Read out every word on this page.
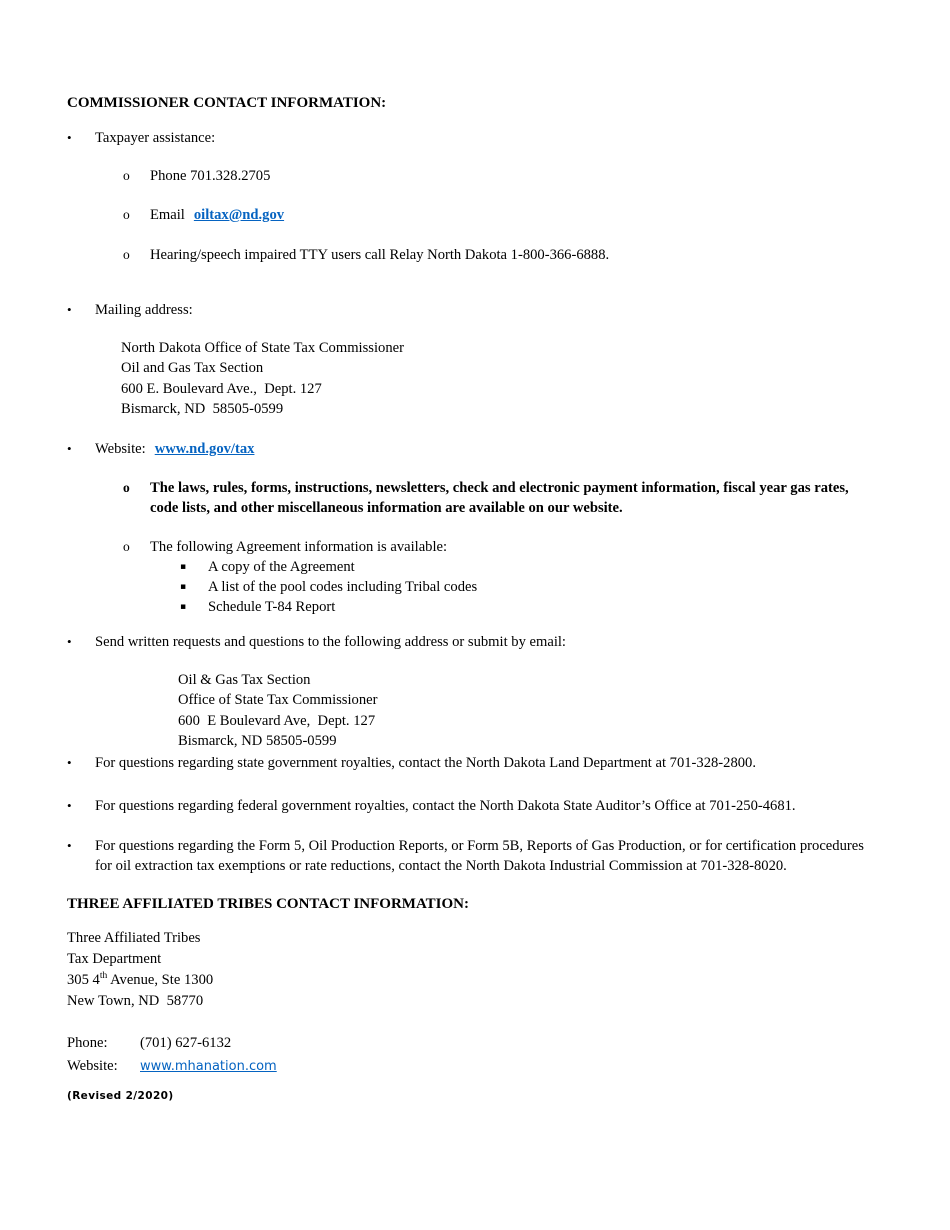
COMMISSIONER CONTACT INFORMATION:
•	Taxpayer assistance:
o	Phone 701.328.2705
o	Email oiltax@nd.gov
o	Hearing/speech impaired TTY users call Relay North Dakota 1-800-366-6888.
•	Mailing address:
North Dakota Office of State Tax Commissioner
Oil and Gas Tax Section
600 E. Boulevard Ave.,  Dept. 127
Bismarck, ND  58505-0599
•	Website: www.nd.gov/tax
o	The laws, rules, forms, instructions, newsletters, check and electronic payment information, fiscal year gas rates, code lists, and other miscellaneous information are available on our website.
o	The following Agreement information is available:
▪	A copy of the Agreement
▪	A list of the pool codes including Tribal codes
▪	Schedule T-84 Report
•	Send written requests and questions to the following address or submit by email:
Oil & Gas Tax Section
Office of State Tax Commissioner
600  E Boulevard Ave,  Dept. 127
Bismarck, ND 58505-0599
•	For questions regarding state government royalties, contact the North Dakota Land Department at 701-328-2800.
•	For questions regarding federal government royalties, contact the North Dakota State Auditor’s Office at 701-250-4681.
•	For questions regarding the Form 5, Oil Production Reports, or Form 5B, Reports of Gas Production, or for certification procedures for oil extraction tax exemptions or rate reductions, contact the North Dakota Industrial Commission at 701-328-8020.
THREE AFFILIATED TRIBES CONTACT INFORMATION:
Three Affiliated Tribes
Tax Department
305 4th Avenue, Ste 1300
New Town, ND  58770
Phone:	(701) 627-6132
Website:	www.mhanation.com
(Revised 2/2020)
